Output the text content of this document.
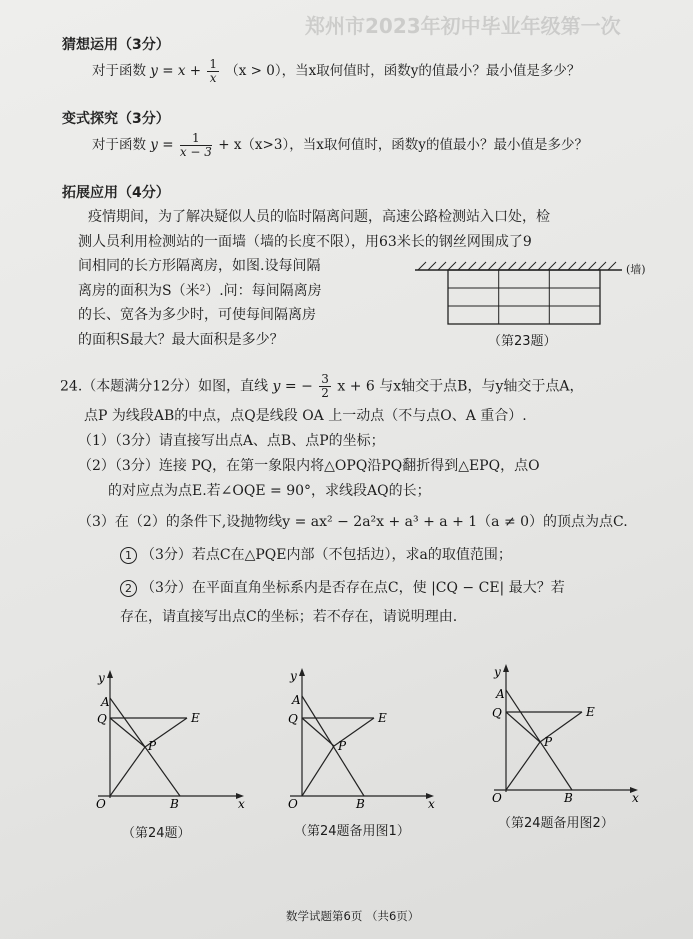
郑州市2023年初中毕业年级第一次
猜想运用（3分）
对于函数 $y = x + \frac{1}{x} (x > 0)$，当x取何值时，函数y的值最小？最小值是多少？
变式探究（3分）
对于函数 $y = \frac{1}{x - 3} + x(x>3)$，当x取何值时，函数y的值最小？最小值是多少？
拓展应用（4分）
疫情期间，为了解决疑似人员的临时隔离问题，高速公路检测站入口处，检
测人员利用检测站的一面墙（墙的长度不限），用63米长的钢丝网围成了9
间相同的长方形隔离房，如图.设每间隔
离房的面积为S（米²）.问：每间隔离房
的长、宽各为多少时，可使每间隔离房
的面积S最大？最大面积是多少？
(墙)
（第23题）
24.（本题满分12分）如图，直线 y = − $\frac{3}{2}$ x + 6 与x轴交于点B，与y轴交于点A，
点P 为线段AB的中点，点Q是线段 OA 上一动点（不与点O、A 重合）.
（1）（3分）请直接写出点A、点B、点P的坐标；
（2）（3分）连接 PQ，在第一象限内将△OPQ沿PQ翻折得到△EPQ，点O
的对应点为点E.若∠OQE = 90°，求线段AQ的长；
（3）在（2）的条件下,设抛物线y = ax² − 2a²x + a³ + a + 1（a ≠ 0）的顶点为点C.
1 （3分）若点C在△PQE内部（不包括边），求a的取值范围；
2 （3分）在平面直角坐标系内是否存在点C，使 |CQ − CE| 最大？若
存在，请直接写出点C的坐标；若不存在，请说明理由.
y
A
Q	E
P
O	B	x
（第24题）
y
A
Q	E
P
O	B	x
（第24题备用图1）
y
A
Q	E
P
O	B	x
（第24题备用图2）
数学试题第6页 （共6页）
